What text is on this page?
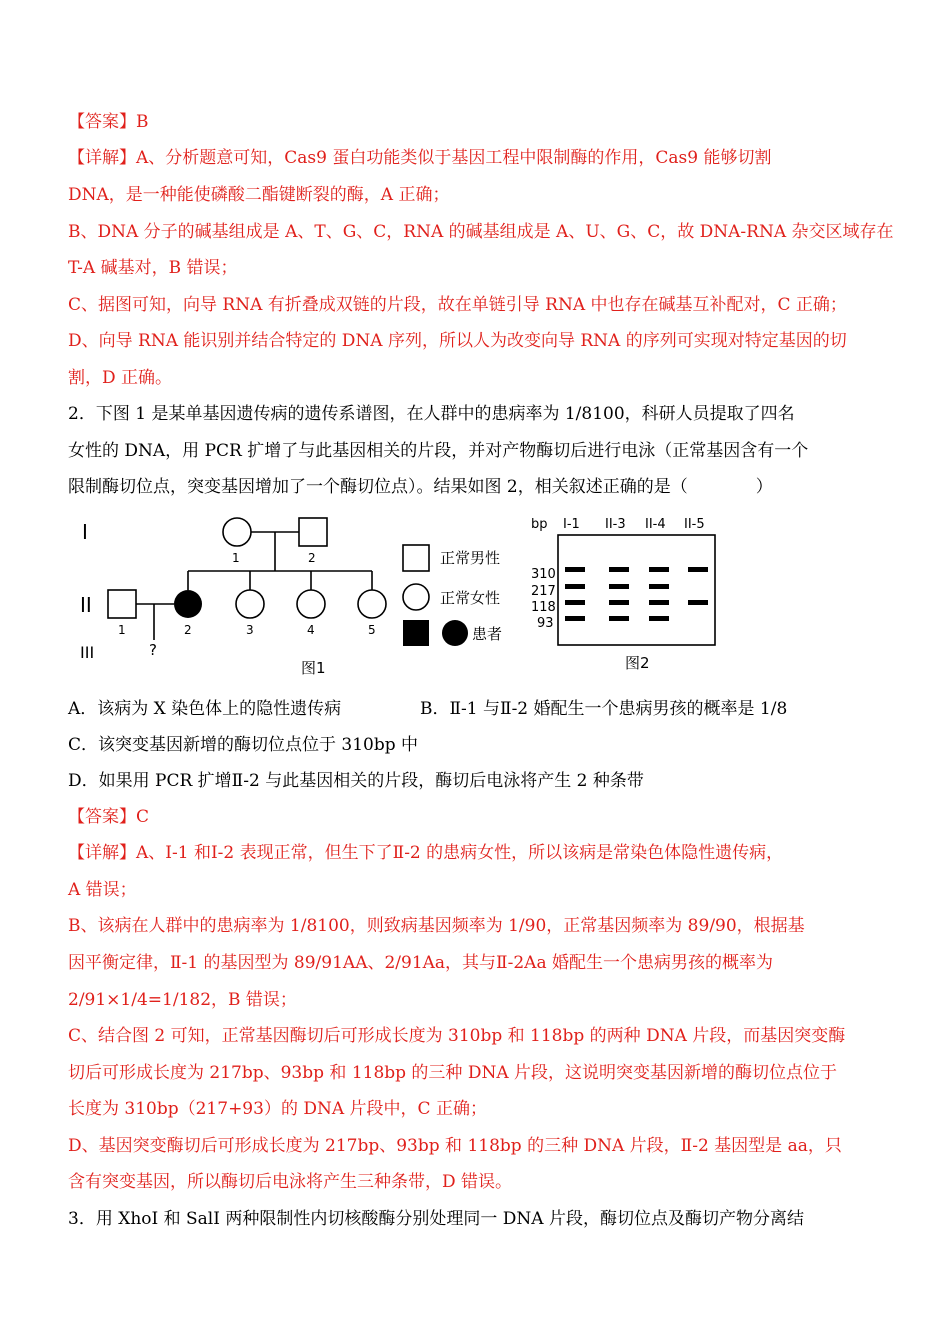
【答案】B
【详解】A、分析题意可知，Cas9 蛋白功能类似于基因工程中限制酶的作用，Cas9 能够切割
DNA，是一种能使磷酸二酯键断裂的酶，A 正确；
B、DNA 分子的碱基组成是 A、T、G、C，RNA 的碱基组成是 A、U、G、C，故 DNA-RNA 杂交区域存在
T-A 碱基对，B 错误；
C、据图可知，向导 RNA 有折叠成双链的片段，故在单链引导 RNA 中也存在碱基互补配对，C 正确；
D、向导 RNA 能识别并结合特定的 DNA 序列，所以人为改变向导 RNA 的序列可实现对特定基因的切
割，D 正确。
2．下图 1 是某单基因遗传病的遗传系谱图，在人群中的患病率为 1/8100，科研人员提取了四名
女性的 DNA，用 PCR 扩增了与此基因相关的片段，并对产物酶切后进行电泳（正常基因含有一个
限制酶切位点，突变基因增加了一个酶切位点）。结果如图 2，相关叙述正确的是（　　　　）
I
II
III
1	2
1	2	3	4	5
?
正常男性
正常女性
患者
图1
bp I-1 II-3 II-4 II-5
310
217
118
93
图2
A．该病为 X 染色体上的隐性遗传病	B．Ⅱ-1 与Ⅱ-2 婚配生一个患病男孩的概率是 1/8
C．该突变基因新增的酶切位点位于 310bp 中
D．如果用 PCR 扩增Ⅱ-2 与此基因相关的片段，酶切后电泳将产生 2 种条带
【答案】C
【详解】A、Ⅰ-1 和Ⅰ-2 表现正常，但生下了Ⅱ-2 的患病女性，所以该病是常染色体隐性遗传病，
A 错误；
B、该病在人群中的患病率为 1/8100，则致病基因频率为 1/90，正常基因频率为 89/90，根据基
因平衡定律，Ⅱ-1 的基因型为 89/91AA、2/91Aa，其与Ⅱ-2Aa 婚配生一个患病男孩的概率为
2/91×1/4=1/182，B 错误；
C、结合图 2 可知，正常基因酶切后可形成长度为 310bp 和 118bp 的两种 DNA 片段，而基因突变酶
切后可形成长度为 217bp、93bp 和 118bp 的三种 DNA 片段，这说明突变基因新增的酶切位点位于
长度为 310bp（217+93）的 DNA 片段中，C 正确；
D、基因突变酶切后可形成长度为 217bp、93bp 和 118bp 的三种 DNA 片段，Ⅱ-2 基因型是 aa，只
含有突变基因，所以酶切后电泳将产生三种条带，D 错误。
3．用 XhoⅠ 和 SalⅠ 两种限制性内切核酸酶分别处理同一 DNA 片段，酶切位点及酶切产物分离结
